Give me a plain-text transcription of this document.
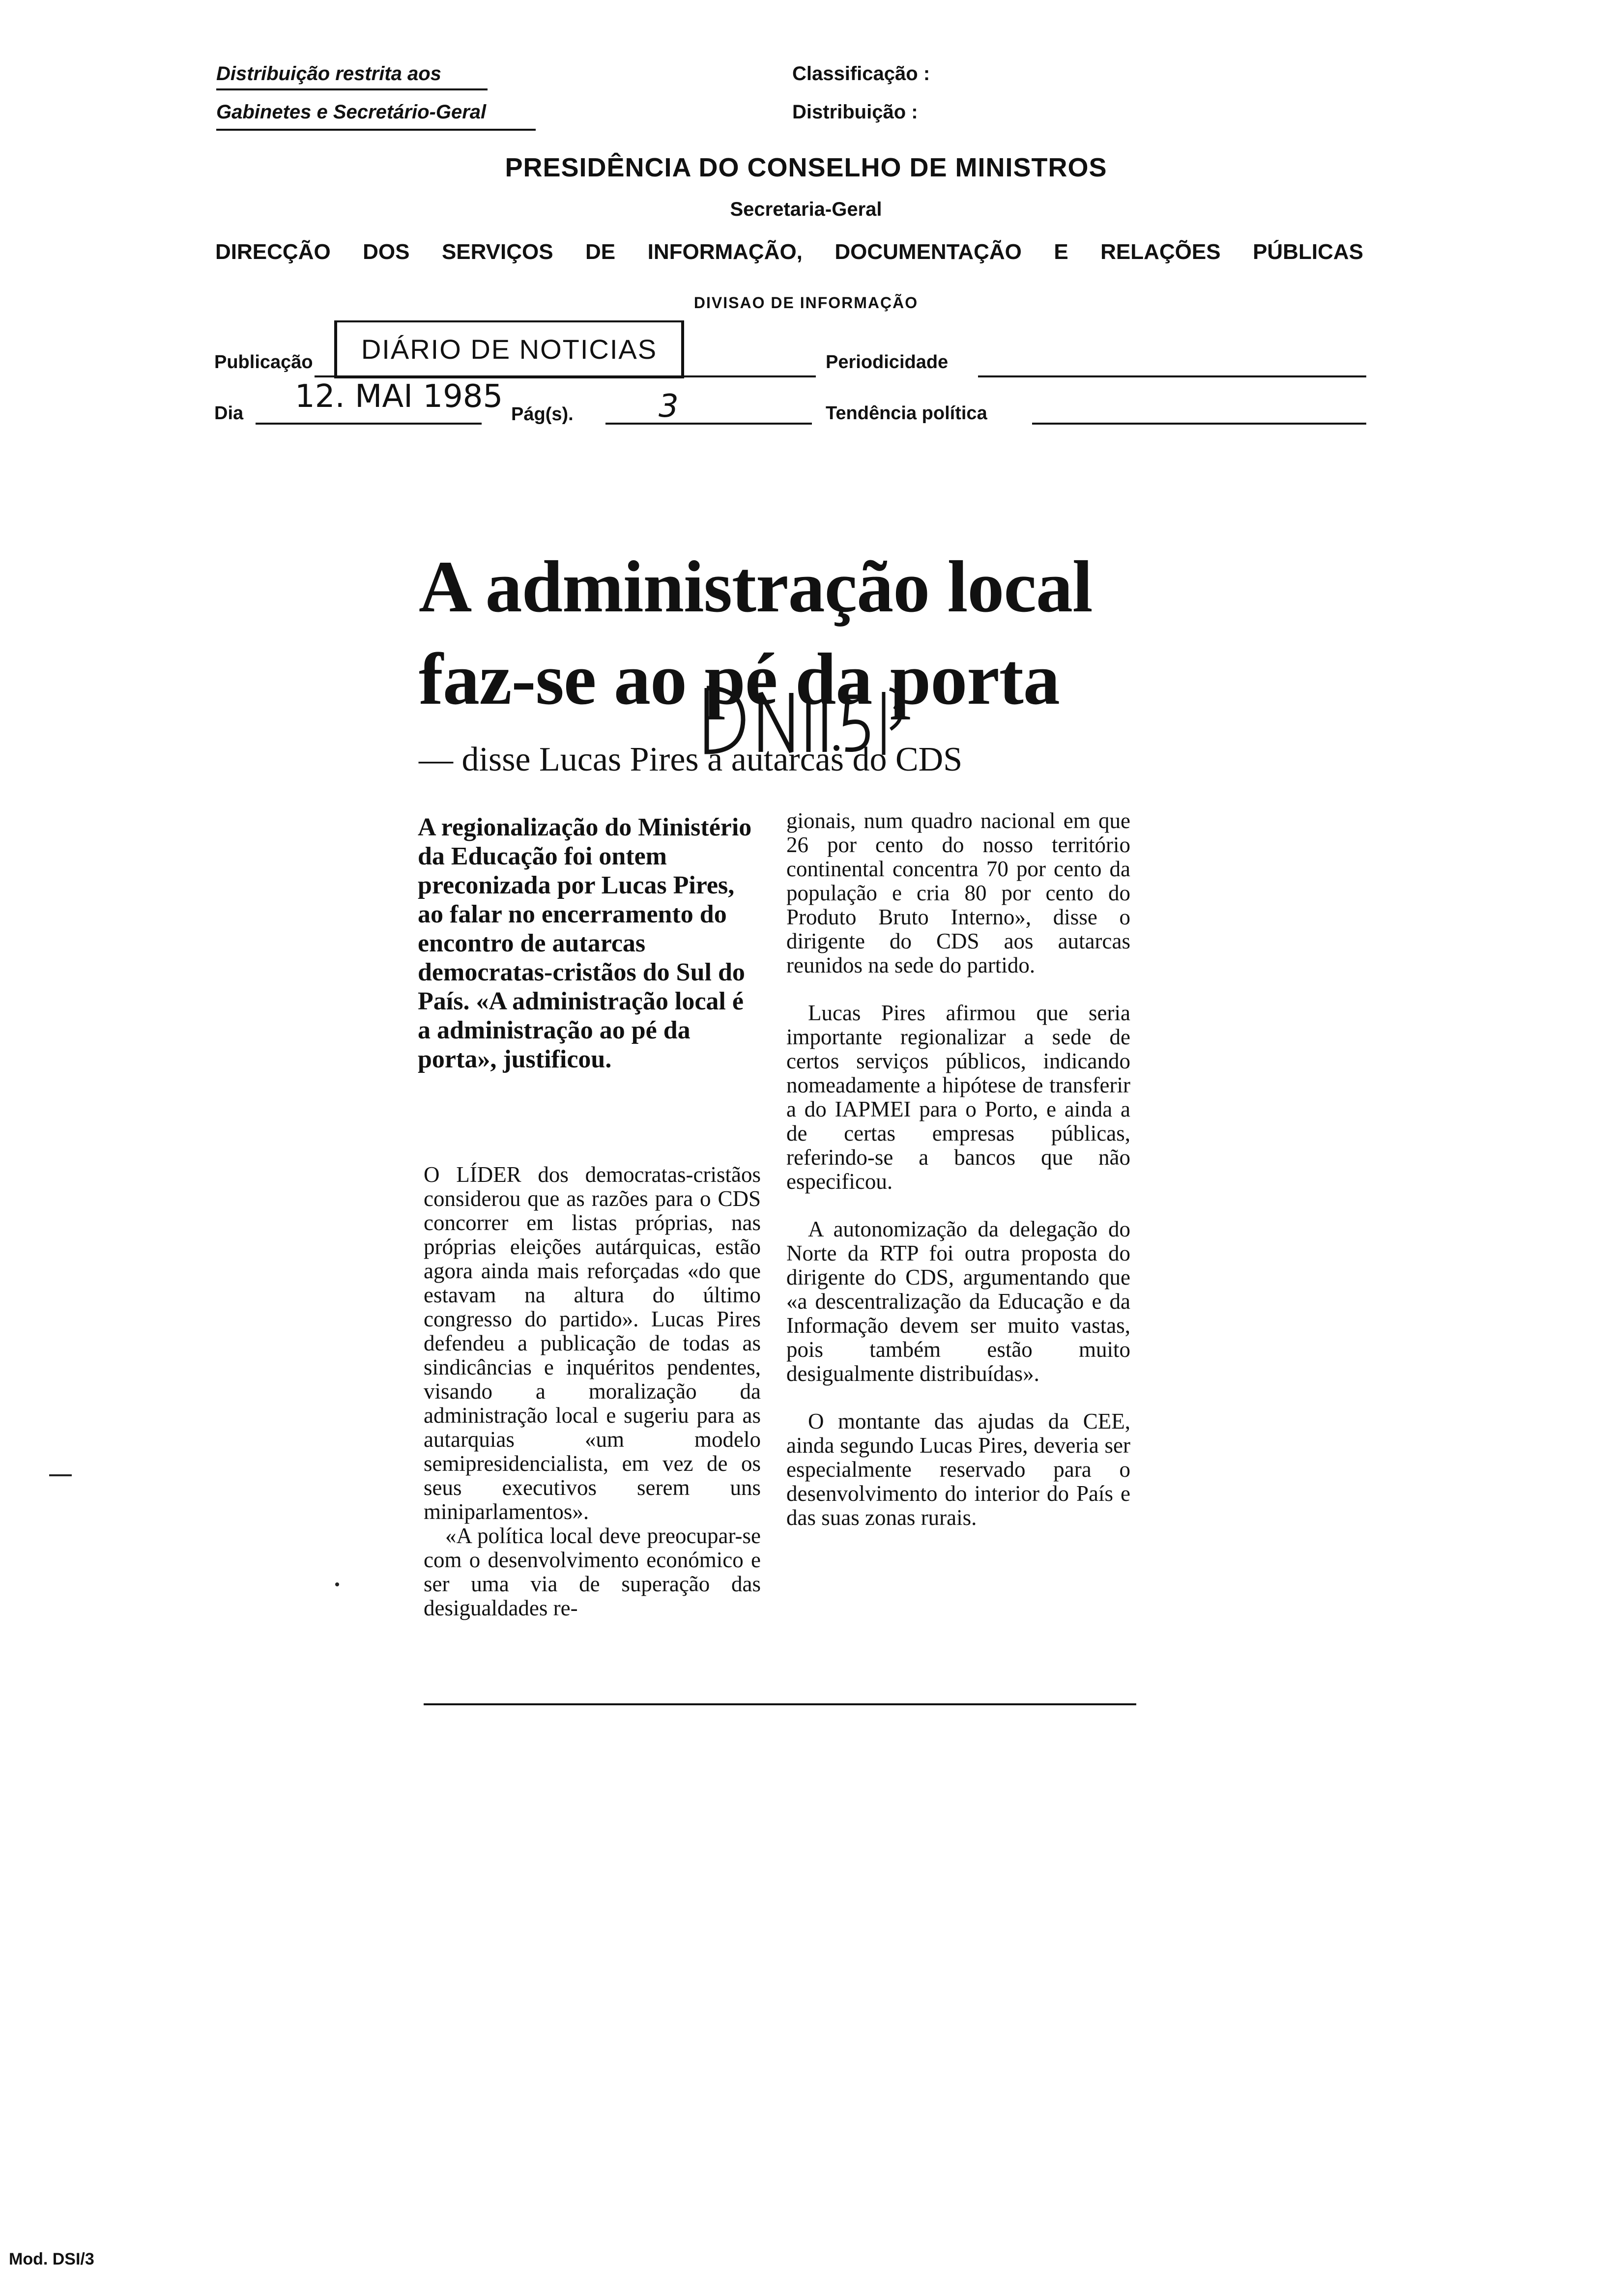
Distribuição restrita aos
Gabinetes e Secretário-Geral
Classificação :
Distribuição :
PRESIDÊNCIA DO CONSELHO DE MINISTROS
Secretaria-Geral
DIRECÇÃO DOS SERVIÇOS DE INFORMAÇÃO, DOCUMENTAÇÃO E RELAÇÕES PÚBLICAS
DIVISAO DE INFORMAÇÃO
Publicação DIÁRIO DE NOTICIAS	Periodicidade
Dia 12. MAI 1985 Pág(s).	3	Tendência política
A administração local
faz-se ao pé da porta
— disse Lucas Pires a autarcas do CDS
A regionalização do Ministério da Educação foi ontem preconizada por Lucas Pires, ao falar no encerramento do encontro de autarcas democratas-cristãos do Sul do País. «A administração local é a administração ao pé da porta», justificou.

O LÍDER dos democratas-cristãos considerou que as razões para o CDS concorrer em listas próprias, nas próprias eleições autárquicas, estão agora ainda mais reforçadas «do que estavam na altura do último congresso do partido». Lucas Pires defendeu a publicação de todas as sindicâncias e inquéritos pendentes, visando a moralização da administração local e sugeriu para as autarquias «um modelo semipresidencialista, em vez de os seus executivos serem uns miniparlamentos».

«A política local deve preocupar-se com o desenvolvimento económico e ser uma via de superação das desigualdades re-

gionais, num quadro nacional em que 26 por cento do nosso território continental concentra 70 por cento da população e cria 80 por cento do Produto Bruto Interno», disse o dirigente do CDS aos autarcas reunidos na sede do partido.

Lucas Pires afirmou que seria importante regionalizar a sede de certos serviços públicos, indicando nomeadamente a hipótese de transferir a do IAPMEI para o Porto, e ainda a de certas empresas públicas, referindo-se a bancos que não especificou.

A autonomização da delegação do Norte da RTP foi outra proposta do dirigente do CDS, argumentando que «a descentralização da Educação e da Informação devem ser muito vastas, pois também estão muito desigualmente distribuídas».

O montante das ajudas da CEE, ainda segundo Lucas Pires, deveria ser especialmente reservado para o desenvolvimento do interior do País e das suas zonas rurais.

Mod. DSI/3
